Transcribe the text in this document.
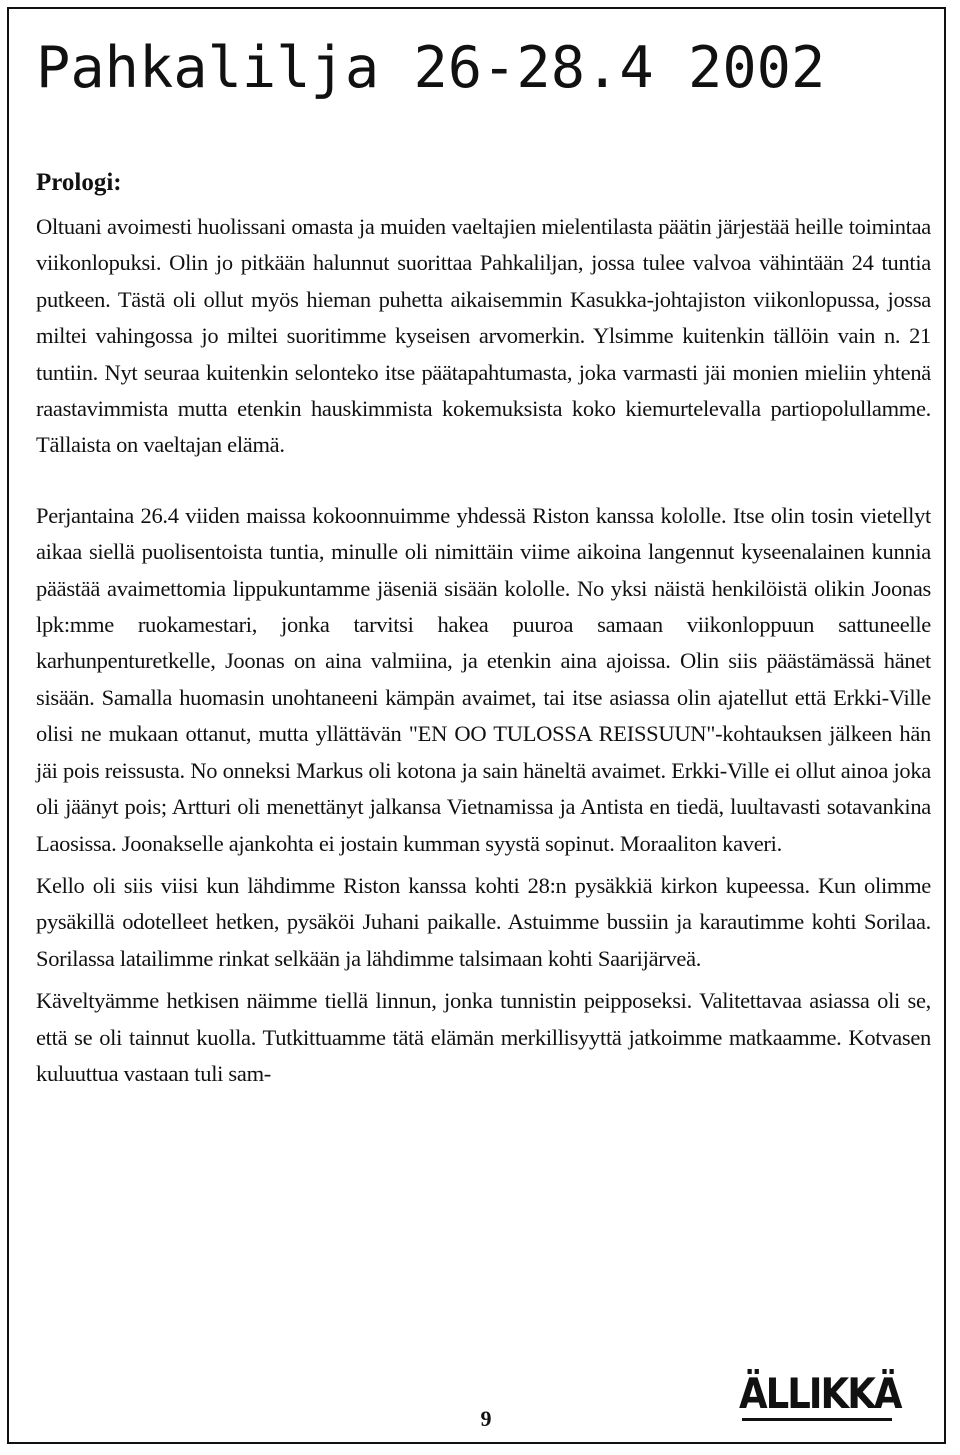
Pahkalilja 26-28.4 2002
Prologi:

Oltuani avoimesti huolissani omasta ja muiden vaeltajien mielentilasta päätin järjestää heille toimintaa viikonlopuksi. Olin jo pitkään halunnut suorittaa Pahkaliljan, jossa tulee valvoa vähintään 24 tuntia putkeen. Tästä oli ollut myös hieman puhetta aikaisemmin Kasukka-johtajiston viikonlopussa, jossa miltei vahingossa jo miltei suoritimme kyseisen arvomerkin. Ylsimme kuitenkin tällöin vain n. 21 tuntiin. Nyt seuraa kuitenkin selonteko itse päätapahtumasta, joka varmasti jäi monien mieliin yhtenä raastavimmista mutta etenkin hauskimmista kokemuksista koko kiemurtelevalla partiopolullamme. Tällaista on vaeltajan elämä.

Perjantaina 26.4 viiden maissa kokoonnuimme yhdessä Riston kanssa kololle. Itse olin tosin vietellyt aikaa siellä puolisentoista tuntia, minulle oli nimittäin viime aikoina langennut kyseenalainen kunnia päästää avaimettomia lippukuntamme jäseniä sisään kololle. No yksi näistä henkilöistä olikin Joonas lpk:mme ruokamestari, jonka tarvitsi hakea puuroa samaan viikonloppuun sattuneelle karhunpenturetkelle, Joonas on aina valmiina, ja etenkin aina ajoissa. Olin siis päästämässä hänet sisään. Samalla huomasin unohtaneeni kämpän avaimet, tai itse asiassa olin ajatellut että Erkki-Ville olisi ne mukaan ottanut, mutta yllättävän "EN OO TULOSSA REISSUUN"-kohtauksen jälkeen hän jäi pois reissusta. No onneksi Markus oli kotona ja sain häneltä avaimet. Erkki-Ville ei ollut ainoa joka oli jäänyt pois; Artturi oli menettänyt jalkansa Vietnamissa ja Antista en tiedä, luultavasti sotavankina Laosissa. Joonakselle ajankohta ei jostain kumman syystä sopinut. Moraaliton kaveri.

Kello oli siis viisi kun lähdimme Riston kanssa kohti 28:n pysäkkiä kirkon kupeessa. Kun olimme pysäkillä odotelleet hetken, pysäköi Juhani paikalle. Astuimme bussiin ja karautimme kohti Sorilaa. Sorilassa latailimme rinkat selkään ja lähdimme talsimaan kohti Saarijärveä.

Käveltyämme hetkisen näimme tiellä linnun, jonka tunnistin peipposeksi. Valitettavaa asiassa oli se, että se oli tainnut kuolla. Tutkittuamme tätä elämän merkillisyyttä jatkoimme matkaamme. Kotvasen kuluuttua vastaan tuli sam-

9
ÄLLIKKÄ
